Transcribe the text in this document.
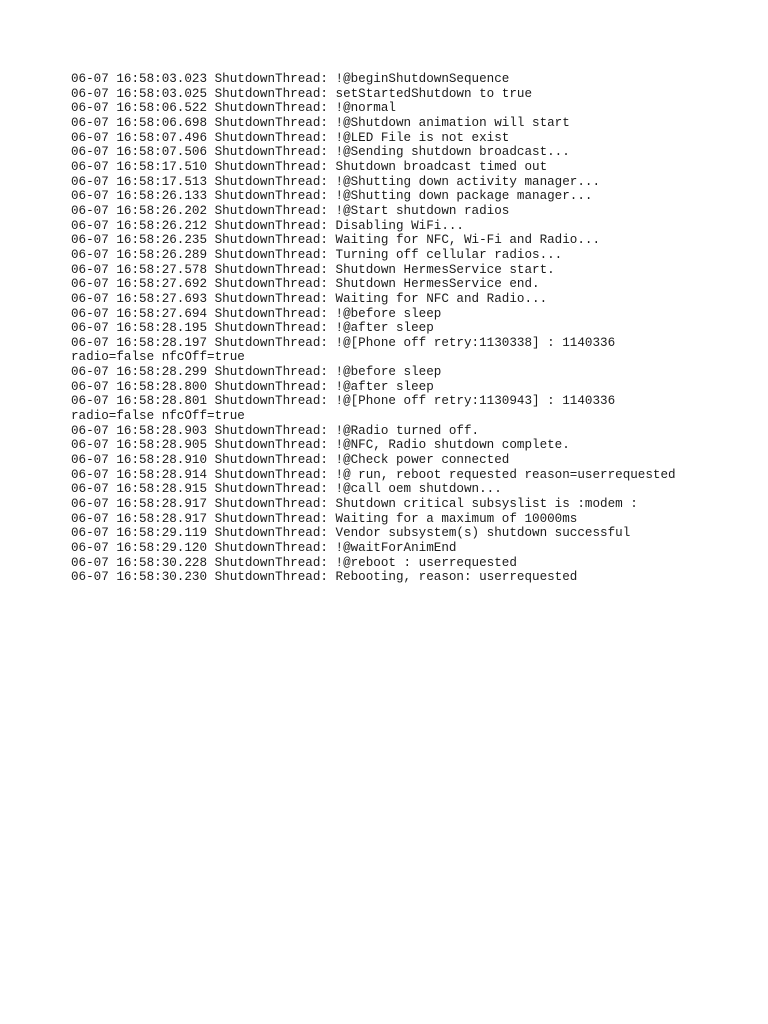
06-07 16:58:03.023 ShutdownThread: !@beginShutdownSequence
06-07 16:58:03.025 ShutdownThread: setStartedShutdown to true
06-07 16:58:06.522 ShutdownThread: !@normal
06-07 16:58:06.698 ShutdownThread: !@Shutdown animation will start
06-07 16:58:07.496 ShutdownThread: !@LED File is not exist
06-07 16:58:07.506 ShutdownThread: !@Sending shutdown broadcast...
06-07 16:58:17.510 ShutdownThread: Shutdown broadcast timed out
06-07 16:58:17.513 ShutdownThread: !@Shutting down activity manager...
06-07 16:58:26.133 ShutdownThread: !@Shutting down package manager...
06-07 16:58:26.202 ShutdownThread: !@Start shutdown radios
06-07 16:58:26.212 ShutdownThread: Disabling WiFi...
06-07 16:58:26.235 ShutdownThread: Waiting for NFC, Wi-Fi and Radio...
06-07 16:58:26.289 ShutdownThread: Turning off cellular radios...
06-07 16:58:27.578 ShutdownThread: Shutdown HermesService start.
06-07 16:58:27.692 ShutdownThread: Shutdown HermesService end.
06-07 16:58:27.693 ShutdownThread: Waiting for NFC and Radio...
06-07 16:58:27.694 ShutdownThread: !@before sleep
06-07 16:58:28.195 ShutdownThread: !@after sleep
06-07 16:58:28.197 ShutdownThread: !@[Phone off retry:1130338] : 1140336
radio=false nfcOff=true
06-07 16:58:28.299 ShutdownThread: !@before sleep
06-07 16:58:28.800 ShutdownThread: !@after sleep
06-07 16:58:28.801 ShutdownThread: !@[Phone off retry:1130943] : 1140336
radio=false nfcOff=true
06-07 16:58:28.903 ShutdownThread: !@Radio turned off.
06-07 16:58:28.905 ShutdownThread: !@NFC, Radio shutdown complete.
06-07 16:58:28.910 ShutdownThread: !@Check power connected
06-07 16:58:28.914 ShutdownThread: !@ run, reboot requested reason=userrequested
06-07 16:58:28.915 ShutdownThread: !@call oem shutdown...
06-07 16:58:28.917 ShutdownThread: Shutdown critical subsyslist is :modem :
06-07 16:58:28.917 ShutdownThread: Waiting for a maximum of 10000ms
06-07 16:58:29.119 ShutdownThread: Vendor subsystem(s) shutdown successful
06-07 16:58:29.120 ShutdownThread: !@waitForAnimEnd
06-07 16:58:30.228 ShutdownThread: !@reboot : userrequested
06-07 16:58:30.230 ShutdownThread: Rebooting, reason: userrequested
